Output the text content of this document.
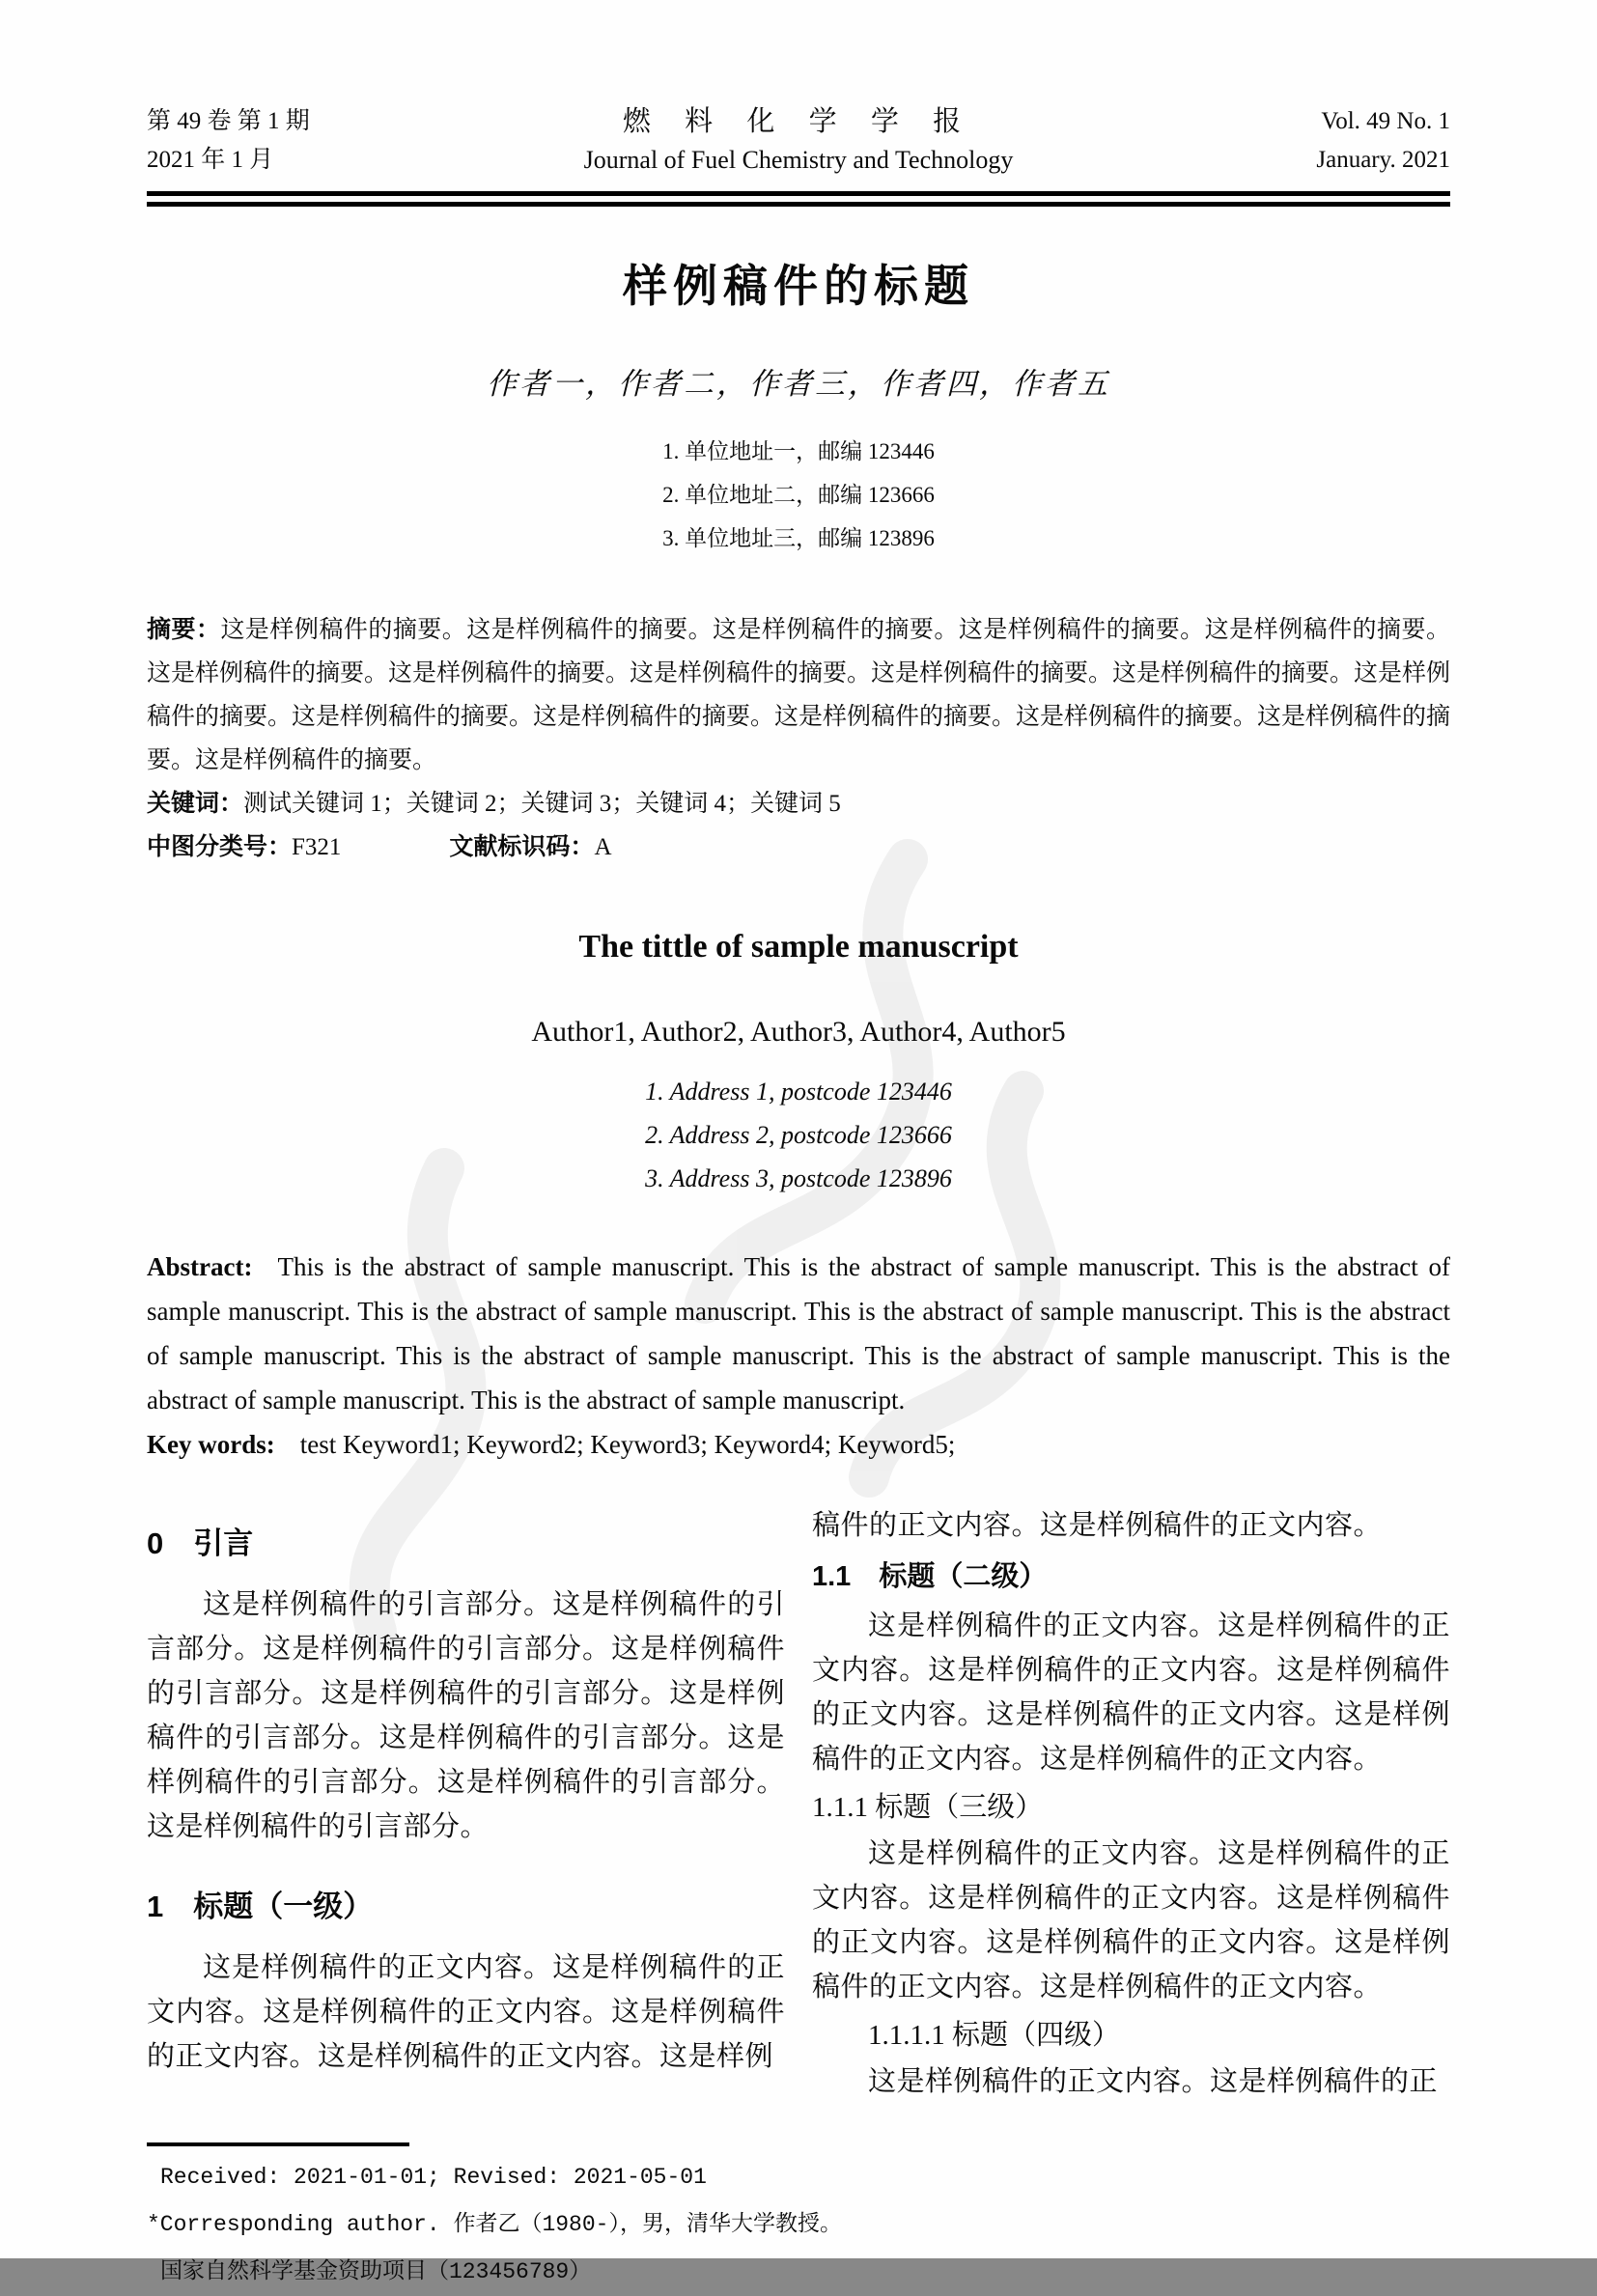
第 49 卷 第 1 期
2021 年 1 月
燃 料 化 学 学 报
Journal of Fuel Chemistry and Technology
Vol. 49 No. 1
January. 2021
样例稿件的标题
作者一，作者二，作者三，作者四，作者五
1. 单位地址一，邮编 123446
2. 单位地址二，邮编 123666
3. 单位地址三，邮编 123896

摘要：这是样例稿件的摘要。这是样例稿件的摘要。这是样例稿件的摘要。这是样例稿件的摘要。这是样例稿件的摘要。这是样例稿件的摘要。这是样例稿件的摘要。这是样例稿件的摘要。这是样例稿件的摘要。这是样例稿件的摘要。这是样例稿件的摘要。这是样例稿件的摘要。这是样例稿件的摘要。这是样例稿件的摘要。这是样例稿件的摘要。这是样例稿件的摘要。这是样例稿件的摘要。

关键词：测试关键词 1；关键词 2；关键词 3；关键词 4；关键词 5

中图分类号：F321	文献标识码：A

The tittle of sample manuscript
Author1, Author2, Author3, Author4, Author5
1. Address 1, postcode 123446
2. Address 2, postcode 123666
3. Address 3, postcode 123896

Abstract: This is the abstract of sample manuscript. This is the abstract of sample manuscript. This is the abstract of sample manuscript. This is the abstract of sample manuscript. This is the abstract of sample manuscript. This is the abstract of sample manuscript. This is the abstract of sample manuscript. This is the abstract of sample manuscript. This is the abstract of sample manuscript. This is the abstract of sample manuscript.

Key words: test Keyword1; Keyword2; Keyword3; Keyword4; Keyword5;

0　引言

这是样例稿件的引言部分。这是样例稿件的引言部分。这是样例稿件的引言部分。这是样例稿件的引言部分。这是样例稿件的引言部分。这是样例稿件的引言部分。这是样例稿件的引言部分。这是样例稿件的引言部分。这是样例稿件的引言部分。这是样例稿件的引言部分。

1　标题（一级）

这是样例稿件的正文内容。这是样例稿件的正文内容。这是样例稿件的正文内容。这是样例稿件的正文内容。这是样例稿件的正文内容。这是样例

稿件的正文内容。这是样例稿件的正文内容。

1.1　标题（二级）

这是样例稿件的正文内容。这是样例稿件的正文内容。这是样例稿件的正文内容。这是样例稿件的正文内容。这是样例稿件的正文内容。这是样例稿件的正文内容。这是样例稿件的正文内容。

1.1.1 标题（三级）

这是样例稿件的正文内容。这是样例稿件的正文内容。这是样例稿件的正文内容。这是样例稿件的正文内容。这是样例稿件的正文内容。这是样例稿件的正文内容。这是样例稿件的正文内容。

1.1.1.1 标题（四级）

这是样例稿件的正文内容。这是样例稿件的正

Received: 2021-01-01; Revised: 2021-05-01

*Corresponding author. 作者乙（1980-），男，清华大学教授。

国家自然科学基金资助项目（123456789）
